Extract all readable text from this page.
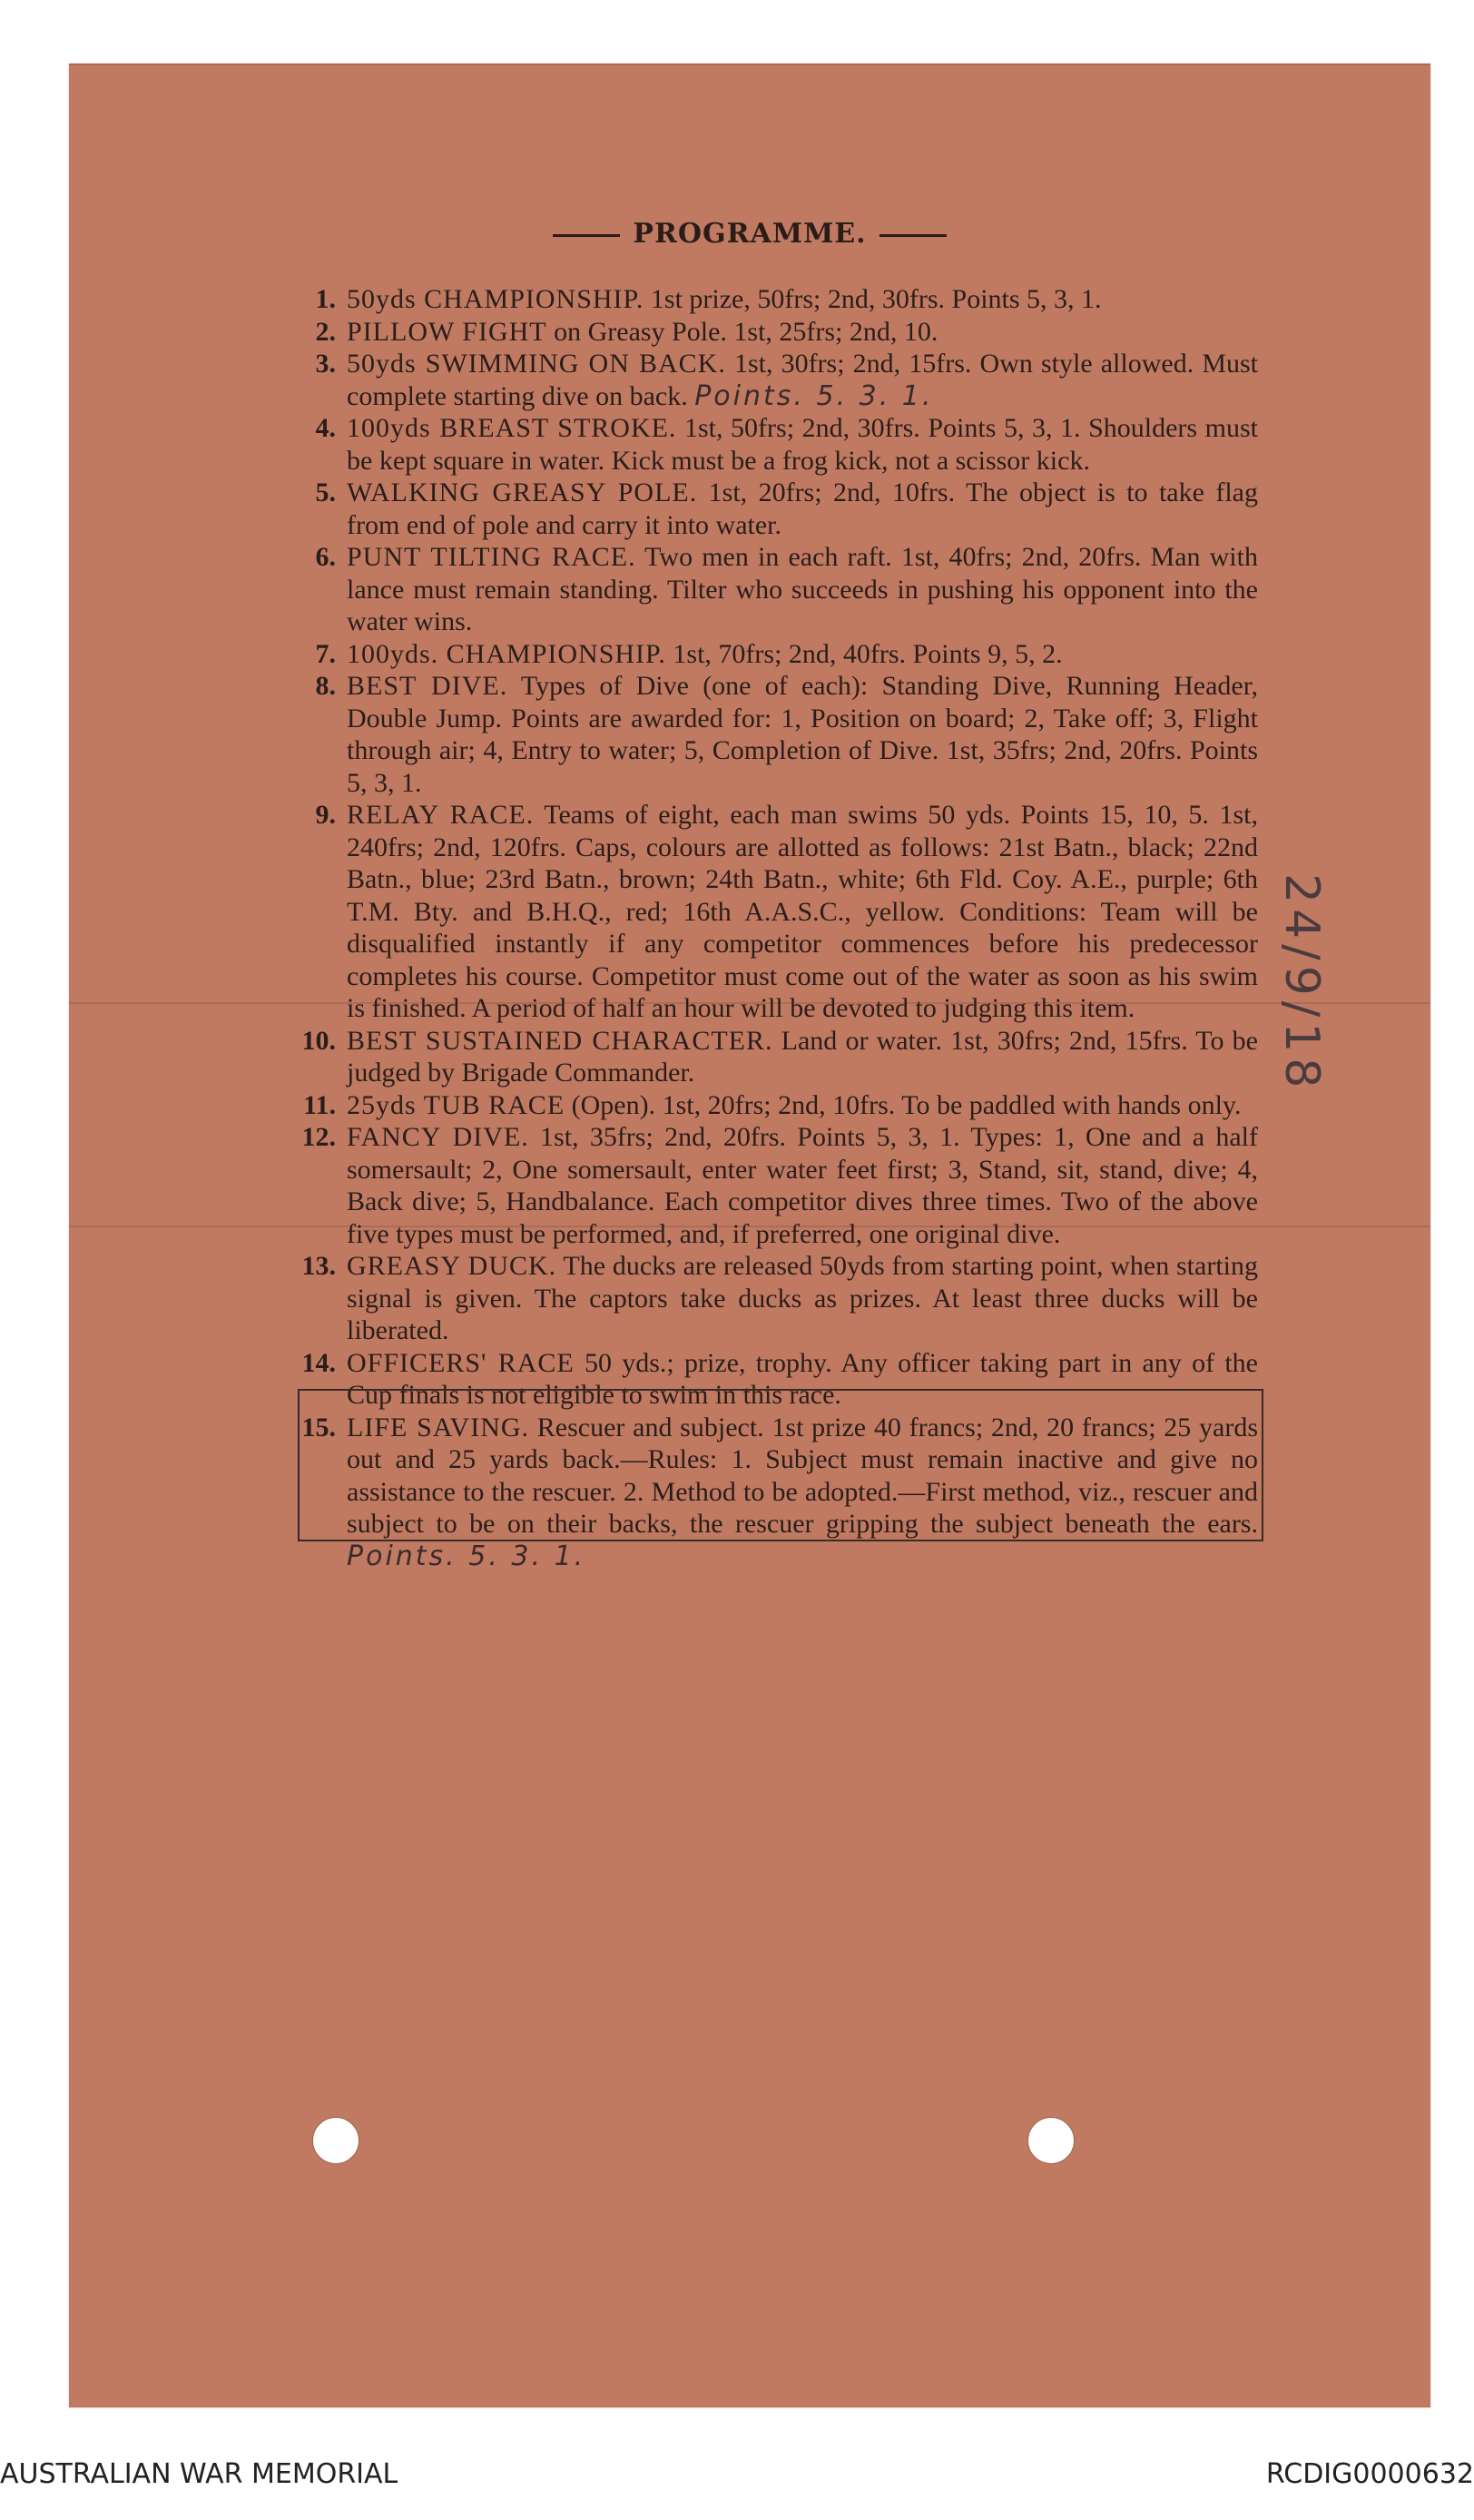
PROGRAMME.
1. 50yds CHAMPIONSHIP. 1st prize, 50frs; 2nd, 30frs. Points 5, 3, 1.
2. PILLOW FIGHT on Greasy Pole. 1st, 25frs; 2nd, 10.
3. 50yds SWIMMING ON BACK. 1st, 30frs; 2nd, 15frs. Own style allowed. Must complete starting dive on back. Points. 5. 3. 1.
4. 100yds BREAST STROKE. 1st, 50frs; 2nd, 30frs. Points 5, 3, 1. Shoulders must be kept square in water. Kick must be a frog kick, not a scissor kick.
5. WALKING GREASY POLE. 1st, 20frs; 2nd, 10frs. The object is to take flag from end of pole and carry it into water.
6. PUNT TILTING RACE. Two men in each raft. 1st, 40frs; 2nd, 20frs. Man with lance must remain standing. Tilter who succeeds in pushing his opponent into the water wins.
7. 100yds. CHAMPIONSHIP. 1st, 70frs; 2nd, 40frs. Points 9, 5, 2.
8. BEST DIVE. Types of Dive (one of each): Standing Dive, Running Header, Double Jump. Points are awarded for: 1, Position on board; 2, Take off; 3, Flight through air; 4, Entry to water; 5, Completion of Dive. 1st, 35frs; 2nd, 20frs. Points 5, 3, 1.
9. RELAY RACE. Teams of eight, each man swims 50 yds. Points 15, 10, 5. 1st, 240frs; 2nd, 120frs. Caps, colours are allotted as follows: 21st Batn., black; 22nd Batn., blue; 23rd Batn., brown; 24th Batn., white; 6th Fld. Coy. A.E., purple; 6th T.M. Bty. and B.H.Q., red; 16th A.A.S.C., yellow. Conditions: Team will be disqualified instantly if any competitor commences before his predecessor completes his course. Competitor must come out of the water as soon as his swim is finished. A period of half an hour will be devoted to judging this item.
10. BEST SUSTAINED CHARACTER. Land or water. 1st, 30frs; 2nd, 15frs. To be judged by Brigade Commander.
11. 25yds TUB RACE (Open). 1st, 20frs; 2nd, 10frs. To be paddled with hands only.
12. FANCY DIVE. 1st, 35frs; 2nd, 20frs. Points 5, 3, 1. Types: 1, One and a half somersault; 2, One somersault, enter water feet first; 3, Stand, sit, stand, dive; 4, Back dive; 5, Handbalance. Each competitor dives three times. Two of the above five types must be performed, and, if preferred, one original dive.
13. GREASY DUCK. The ducks are released 50yds from starting point, when starting signal is given. The captors take ducks as prizes. At least three ducks will be liberated.
14. OFFICERS' RACE 50 yds.; prize, trophy. Any officer taking part in any of the Cup finals is not eligible to swim in this race.
15. LIFE SAVING. Rescuer and subject. 1st prize 40 francs; 2nd, 20 francs; 25 yards out and 25 yards back.—Rules: 1. Subject must remain inactive and give no assistance to the rescuer. 2. Method to be adopted.—First method, viz., rescuer and subject to be on their backs, the rescuer gripping the subject beneath the ears. Points. 5. 3. 1.
24/9/18
AUSTRALIAN WAR MEMORIAL	RCDIG0000632
